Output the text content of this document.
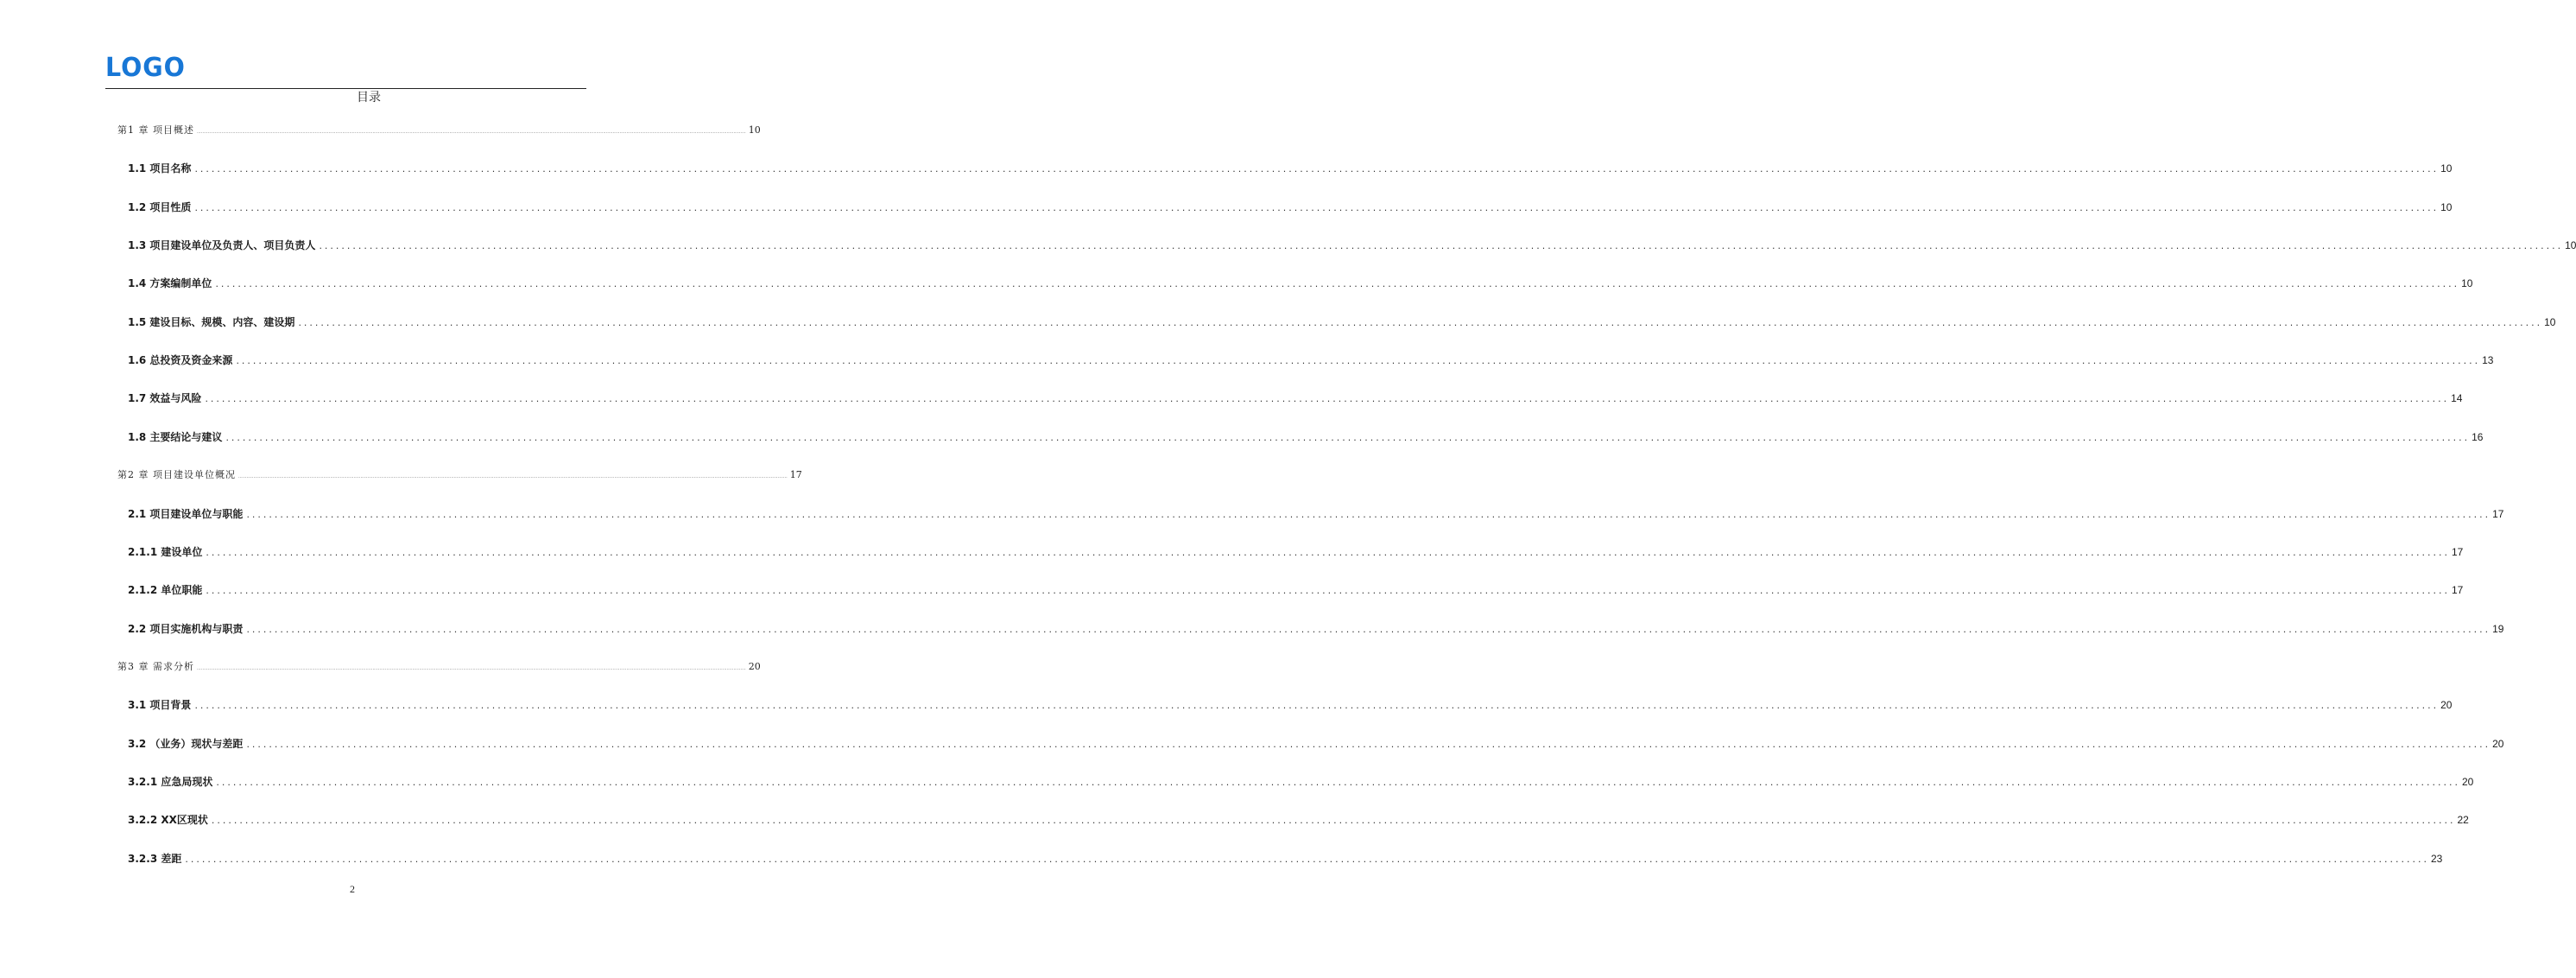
LOGO
目录
第1 章 项目概述 ................................................................................................................................................................................................................................................................................................................................................................................................................ 10
1.1 项目名称 ................................................................................................................................................................................................................................................................................................................................................................................................................ 10
1.2 项目性质 ................................................................................................................................................................................................................................................................................................................................................................................................................ 10
1.3 项目建设单位及负责人、项目负责人 ................................................................................................................................................................................................................................................................................................................................................................................................................ 10
1.4 方案编制单位 ................................................................................................................................................................................................................................................................................................................................................................................................................ 10
1.5 建设目标、规模、内容、建设期 ................................................................................................................................................................................................................................................................................................................................................................................................................ 10
1.6 总投资及资金来源 ................................................................................................................................................................................................................................................................................................................................................................................................................ 13
1.7 效益与风险 ................................................................................................................................................................................................................................................................................................................................................................................................................ 14
1.8 主要结论与建议 ................................................................................................................................................................................................................................................................................................................................................................................................................ 16
第2 章 项目建设单位概况 ................................................................................................................................................................................................................................................................................................................................................................................................................ 17
2.1 项目建设单位与职能 ................................................................................................................................................................................................................................................................................................................................................................................................................ 17
2.1.1 建设单位 ................................................................................................................................................................................................................................................................................................................................................................................................................ 17
2.1.2 单位职能 ................................................................................................................................................................................................................................................................................................................................................................................................................ 17
2.2 项目实施机构与职责 ................................................................................................................................................................................................................................................................................................................................................................................................................ 19
第3 章 需求分析 ................................................................................................................................................................................................................................................................................................................................................................................................................ 20
3.1 项目背景 ................................................................................................................................................................................................................................................................................................................................................................................................................ 20
3.2 （业务）现状与差距 ................................................................................................................................................................................................................................................................................................................................................................................................................ 20
3.2.1 应急局现状 ................................................................................................................................................................................................................................................................................................................................................................................................................ 20
3.2.2 XX区现状 ................................................................................................................................................................................................................................................................................................................................................................................................................ 22
3.2.3 差距 ................................................................................................................................................................................................................................................................................................................................................................................................................ 23
2
